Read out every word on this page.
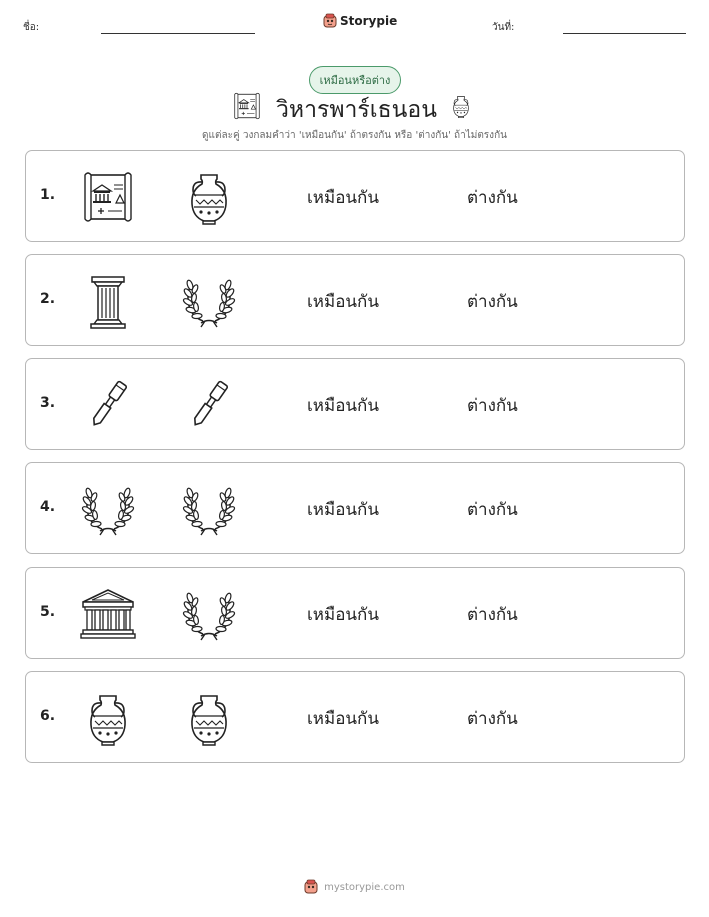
ชื่อ:	Storypie	วันที่:
เหมือนหรือต่าง
วิหารพาร์เธนอน
ดูแต่ละคู่ วงกลมคำว่า 'เหมือนกัน' ถ้าตรงกัน หรือ 'ต่างกัน' ถ้าไม่ตรงกัน
1.	เหมือนกัน	ต่างกัน
2.	เหมือนกัน	ต่างกัน
3.	เหมือนกัน	ต่างกัน
4.	เหมือนกัน	ต่างกัน
5.	เหมือนกัน	ต่างกัน
6.	เหมือนกัน	ต่างกัน
mystorypie.com
